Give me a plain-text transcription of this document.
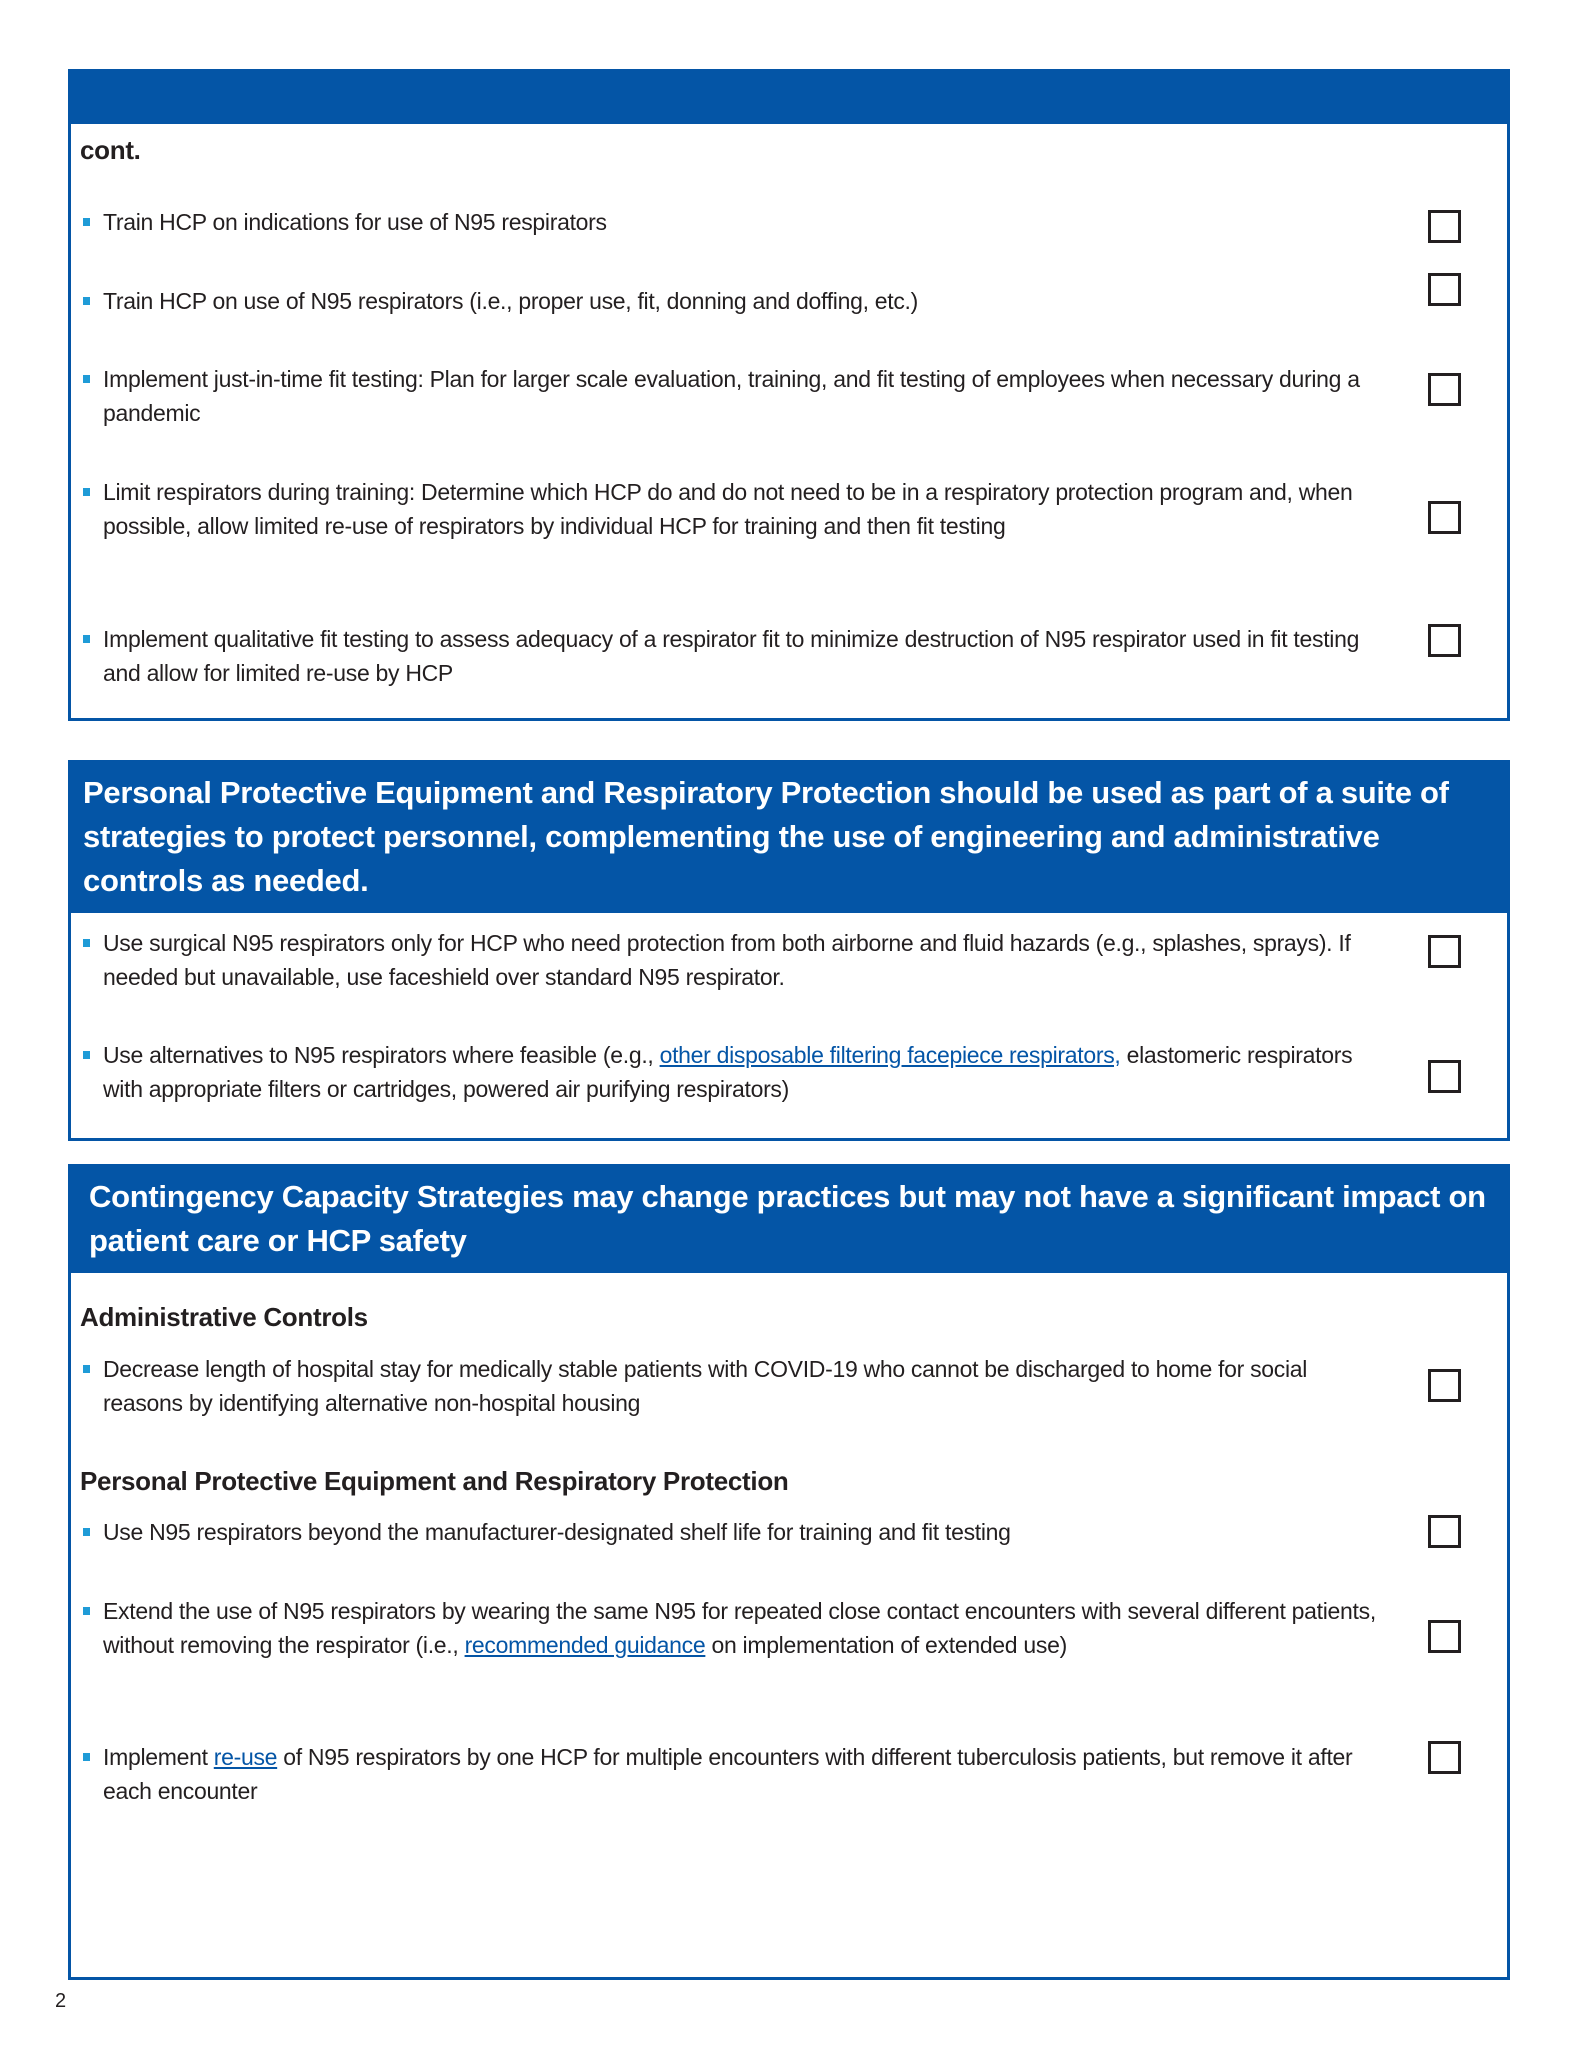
cont.
Train HCP on indications for use of N95 respirators
Train HCP on use of N95 respirators (i.e., proper use, fit, donning and doffing, etc.)
Implement just-in-time fit testing: Plan for larger scale evaluation, training, and fit testing of employees when necessary during a pandemic
Limit respirators during training: Determine which HCP do and do not need to be in a respiratory protection program and, when possible, allow limited re-use of respirators by individual HCP for training and then fit testing
Implement qualitative fit testing to assess adequacy of a respirator fit to minimize destruction of N95 respirator used in fit testing and allow for limited re-use by HCP
Personal Protective Equipment and Respiratory Protection should be used as part of a suite of strategies to protect personnel, complementing the use of engineering and administrative controls as needed.
Use surgical N95 respirators only for HCP who need protection from both airborne and fluid hazards (e.g., splashes, sprays). If needed but unavailable, use faceshield over standard N95 respirator.
Use alternatives to N95 respirators where feasible (e.g., other disposable filtering facepiece respirators, elastomeric respirators with appropriate filters or cartridges, powered air purifying respirators)
Contingency Capacity Strategies may change practices but may not have a significant impact on patient care or HCP safety
Administrative Controls
Decrease length of hospital stay for medically stable patients with COVID-19 who cannot be discharged to home for social reasons by identifying alternative non-hospital housing
Personal Protective Equipment and Respiratory Protection
Use N95 respirators beyond the manufacturer-designated shelf life for training and fit testing
Extend the use of N95 respirators by wearing the same N95 for repeated close contact encounters with several different patients, without removing the respirator (i.e., recommended guidance on implementation of extended use)
Implement re-use of N95 respirators by one HCP for multiple encounters with different tuberculosis patients, but remove it after each encounter
2
